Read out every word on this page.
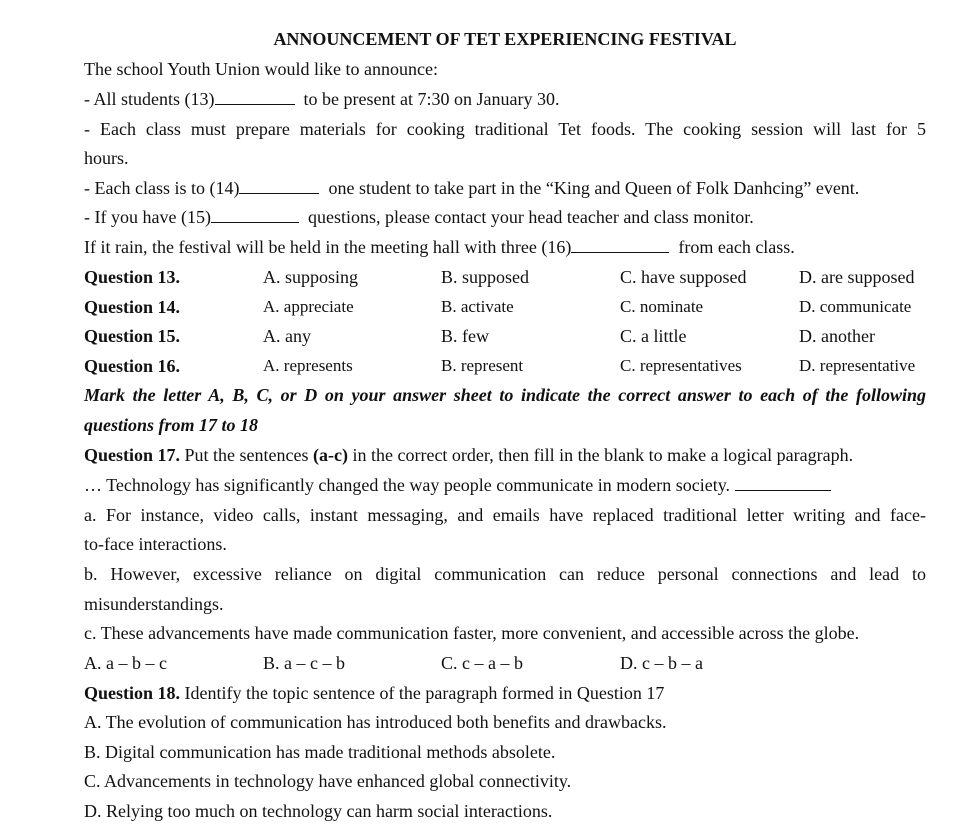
ANNOUNCEMENT OF TET EXPERIENCING FESTIVAL
The school Youth Union would like to announce:
- All students (13)	to be present at 7:30 on January 30.
- Each class must prepare materials for cooking traditional Tet foods. The cooking session will last for 5
hours.
- Each class is to (14)	one student to take part in the “King and Queen of Folk Danhcing” event.
- If you have (15)	questions, please contact your head teacher and class monitor.
If it rain, the festival will be held in the meeting hall with three (16)	from each class.
Question 13.	A. supposing	B. supposed	C. have supposed	D. are supposed
Question 14.	A. appreciate	B. activate	C. nominate	D. communicate
Question 15.	A. any	B. few	C. a little	D. another
Question 16.	A. represents	B. represent	C. representatives	D. representative
Mark the letter A, B, C, or D on your answer sheet to indicate the correct answer to each of the following
questions from 17 to 18
Question 17. Put the sentences (a-c) in the correct order, then fill in the blank to make a logical paragraph.
… Technology has significantly changed the way people communicate in modern society.
a. For instance, video calls, instant messaging, and emails have replaced traditional letter writing and face-
to-face interactions.
b. However, excessive reliance on digital communication can reduce personal connections and lead to
misunderstandings.
c. These advancements have made communication faster, more convenient, and accessible across the globe.
A. a – b – c	B. a – c – b	C. c – a – b	D. c – b – a
Question 18. Identify the topic sentence of the paragraph formed in Question 17
A. The evolution of communication has introduced both benefits and drawbacks.
B. Digital communication has made traditional methods absolete.
C. Advancements in technology have enhanced global connectivity.
D. Relying too much on technology can harm social interactions.
